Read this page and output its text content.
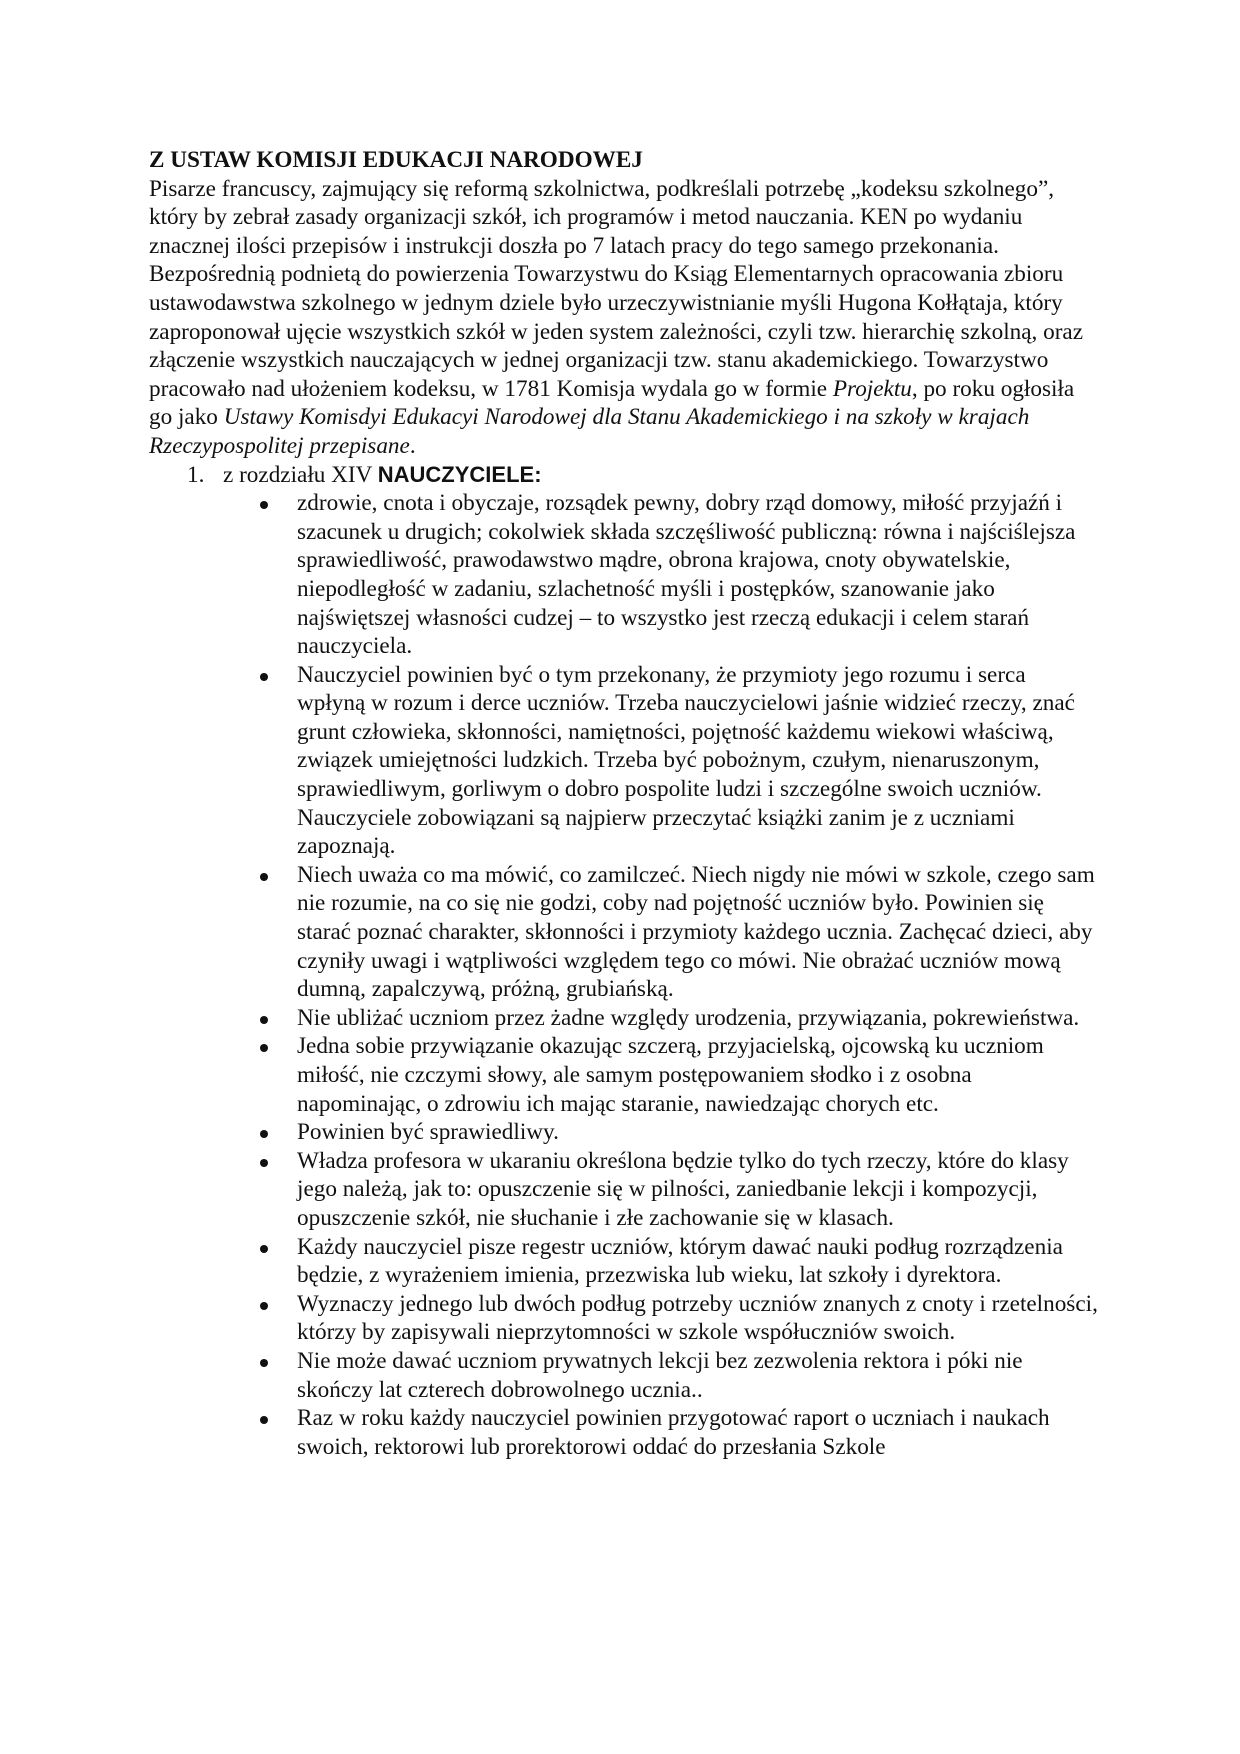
Z USTAW KOMISJI EDUKACJI NARODOWEJ

Pisarze francuscy, zajmujący się reformą szkolnictwa, podkreślali potrzebę „kodeksu szkolnego”, który by zebrał zasady organizacji szkół, ich programów i metod nauczania. KEN po wydaniu znacznej ilości przepisów i instrukcji doszła po 7 latach pracy do tego samego przekonania. Bezpośrednią podnietą do powierzenia Towarzystwu do Ksiąg Elementarnych opracowania zbioru ustawodawstwa szkolnego w jednym dziele było urzeczywistnianie myśli Hugona Kołłątaja, który zaproponował ujęcie wszystkich szkół w jeden system zależności, czyli tzw. hierarchię szkolną, oraz złączenie wszystkich nauczających w jednej organizacji tzw. stanu akademickiego. Towarzystwo pracowało nad ułożeniem kodeksu, w 1781 Komisja wydala go w formie Projektu, po roku ogłosiła go jako Ustawy Komisdyi Edukacyi Narodowej dla Stanu Akademickiego i na szkoły w krajach Rzeczypospolitej przepisane.

1. z rozdziału XIV NAUCZYCIELE:

zdrowie, cnota i obyczaje, rozsądek pewny, dobry rząd domowy, miłość przyjaźń i szacunek u drugich; cokolwiek składa szczęśliwość publiczną: równa i najściślejsza sprawiedliwość, prawodawstwo mądre, obrona krajowa, cnoty obywatelskie, niepodległość w zadaniu, szlachetność myśli i postępków, szanowanie jako najświętszej własności cudzej – to wszystko jest rzeczą edukacji i celem starań nauczyciela.
Nauczyciel powinien być o tym przekonany, że przymioty jego rozumu i serca wpłyną w rozum i derce uczniów. Trzeba nauczycielowi jaśnie widzieć rzeczy, znać grunt człowieka, skłonności, namiętności, pojętność każdemu wiekowi właściwą, związek umiejętności ludzkich. Trzeba być pobożnym, czułym, nienaruszonym, sprawiedliwym, gorliwym o dobro pospolite ludzi i szczególne swoich uczniów. Nauczyciele zobowiązani są najpierw przeczytać książki zanim je z uczniami zapoznają.
Niech uważa co ma mówić, co zamilczeć. Niech nigdy nie mówi w szkole, czego sam nie rozumie, na co się nie godzi, coby nad pojętność uczniów było. Powinien się starać poznać charakter, skłonności i przymioty każdego ucznia. Zachęcać dzieci, aby czyniły uwagi i wątpliwości względem tego co mówi. Nie obrażać uczniów mową dumną, zapalczywą, próżną, grubiańską.
Nie ubliżać uczniom przez żadne względy urodzenia, przywiązania, pokrewieństwa.
Jedna sobie przywiązanie okazując szczerą, przyjacielską, ojcowską ku uczniom miłość, nie czczymi słowy, ale samym postępowaniem słodko i z osobna napominając, o zdrowiu ich mając staranie, nawiedzając chorych etc.
Powinien być sprawiedliwy.
Władza profesora w ukaraniu określona będzie tylko do tych rzeczy, które do klasy jego należą, jak to: opuszczenie się w pilności, zaniedbanie lekcji i kompozycji, opuszczenie szkół, nie słuchanie i złe zachowanie się w klasach.
Każdy nauczyciel pisze regestr uczniów, którym dawać nauki podług rozrządzenia będzie, z wyrażeniem imienia, przezwiska lub wieku, lat szkoły i dyrektora.
Wyznaczy jednego lub dwóch podług potrzeby uczniów znanych z cnoty i rzetelności, którzy by zapisywali nieprzytomności w szkole współuczniów swoich.
Nie może dawać uczniom prywatnych lekcji bez zezwolenia rektora i póki nie skończy lat czterech dobrowolnego ucznia..
Raz w roku każdy nauczyciel powinien przygotować raport o uczniach i naukach swoich, rektorowi lub prorektorowi oddać do przesłania Szkole
